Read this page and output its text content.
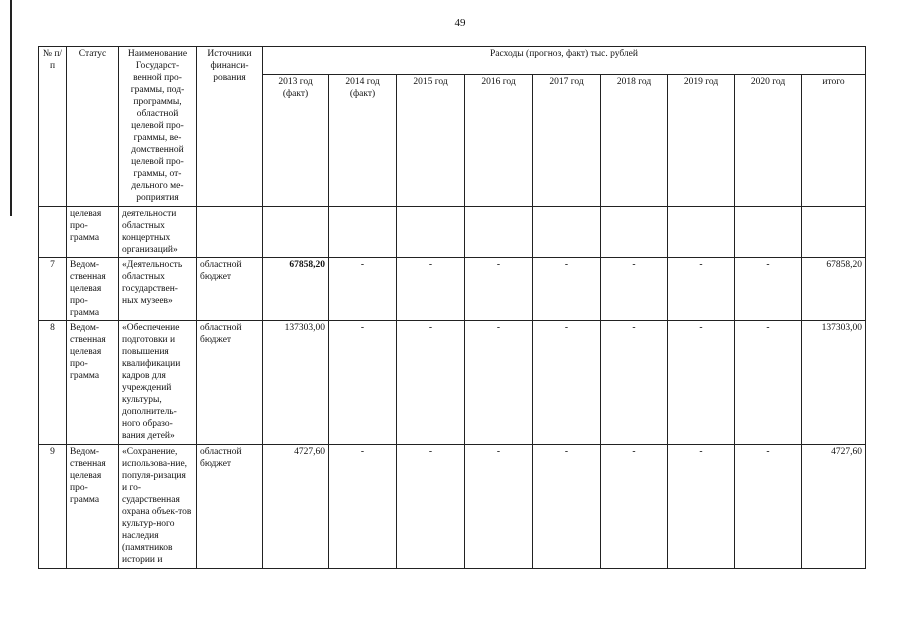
49
№ п/п	Статус	Наименование Государст-венной про-граммы, под-программы, областной целевой про-граммы, ве-домственной целевой про-граммы, от-дельного ме-роприятия	Источники финанси-рования	Расходы (прогноз, факт) тыс. рублей								
				2013 год (факт)	2014 год (факт)	2015 год	2016 год	2017 год	2018 год	2019 год	2020 год	итого
	целевая про-грамма	деятельности областных концертных организаций»										
7	Ведом-ственная целевая про-грамма	«Деятельность областных государствен-ных музеев»	областной бюджет	67858,20	-	-	-	-	-	-	-	67858,20
8	Ведом-ственная целевая про-грамма	«Обеспечение подготовки и повышения квалификации кадров для учреждений культуры, дополнитель-ного образо-вания детей»	областной бюджет	137303,00	-	-	-	-	-	-	-	137303,00
9	Ведом-ственная целевая про-грамма	«Сохранение, использова-ние, популя-ризация и го-сударственная охрана объек-тов культур-ного наследия (памятников истории и	областной бюджет	4727,60	-	-	-	-	-	-	-	4727,60
